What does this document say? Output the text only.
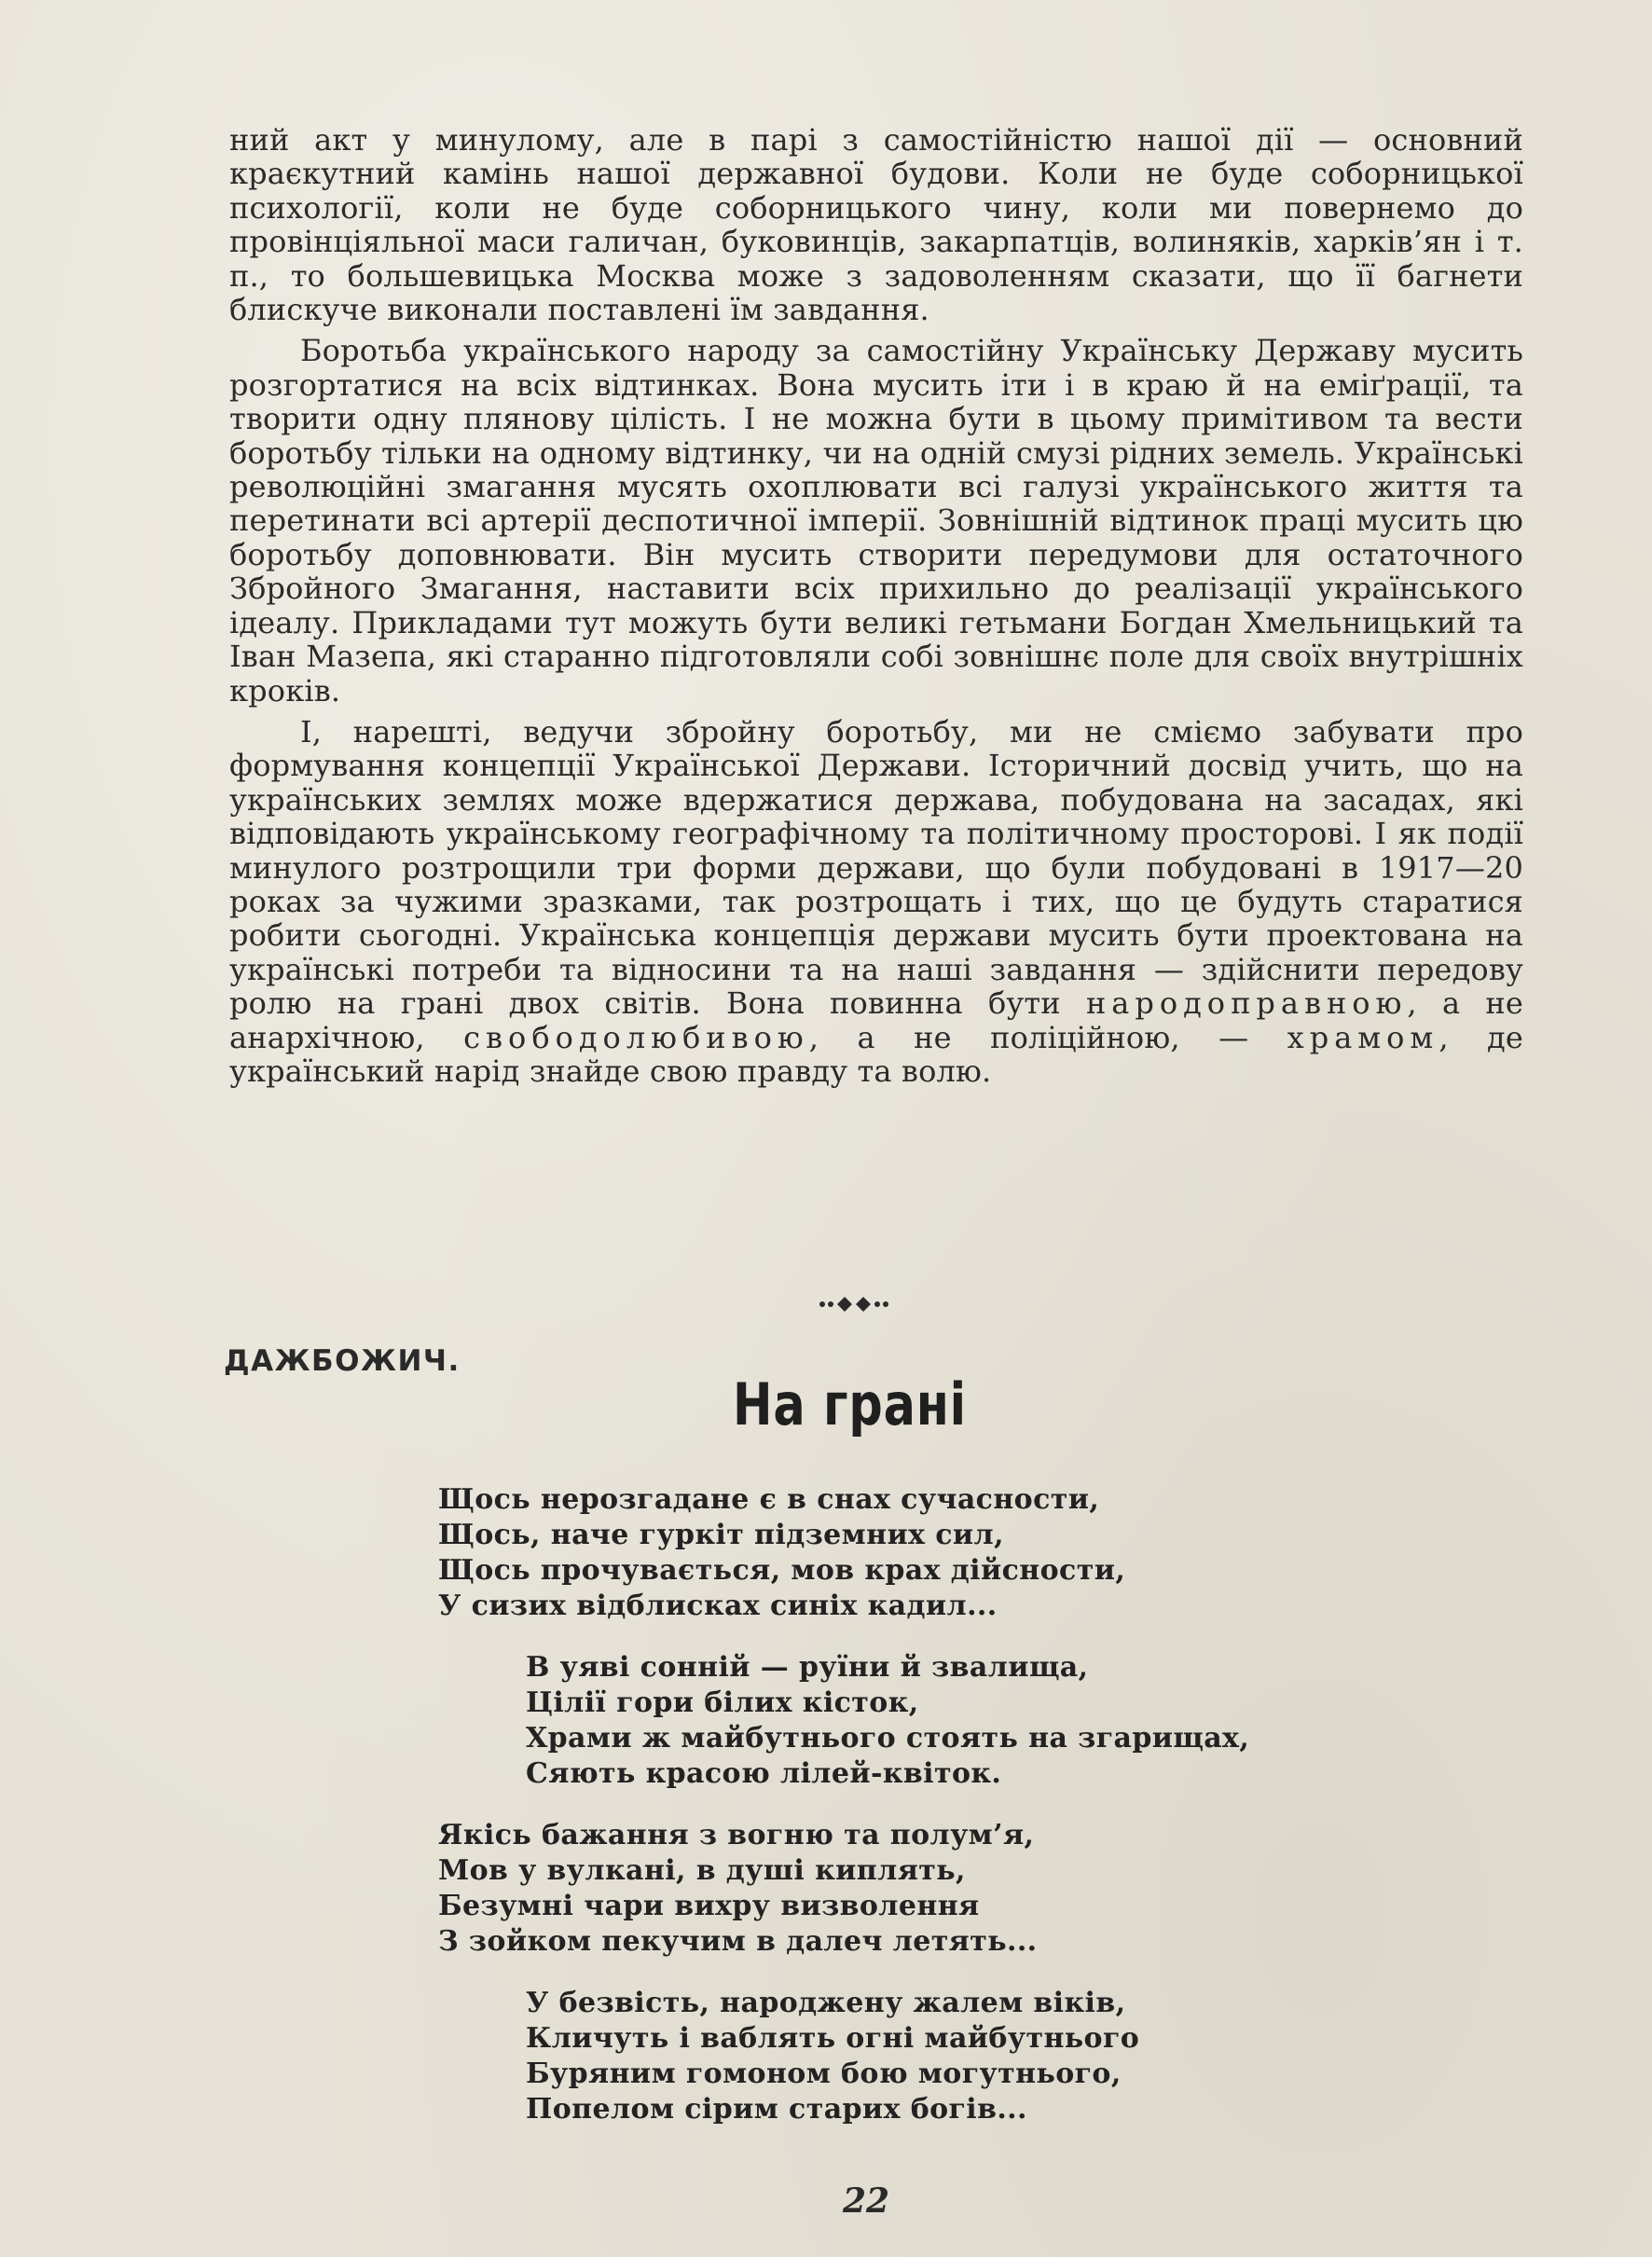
ний акт у минулому, але в парі з самостійністю нашої дії — основний краєкутний камінь нашої державної будови. Коли не буде соборницької психології, коли не буде соборницького чину, коли ми повернемо до провінціяльної маси галичан, буковинців, закарпатців, волиняків, харків’ян і т. п., то большевицька Москва може з задоволенням сказати, що її багнети блискуче виконали поставлені їм завдання.

Боротьба українського народу за самостійну Українську Державу мусить розгортатися на всіх відтинках. Вона мусить іти і в краю й на еміґрації, та творити одну плянову цілість. І не можна бути в цьому примітивом та вести боротьбу тільки на одному відтинку, чи на одній смузі рідних земель. Українські революційні змагання мусять охоплювати всі галузі українського життя та перетинати всі артерії деспотичної імперії. Зовнішній відтинок праці мусить цю боротьбу доповнювати. Він мусить створити передумови для остаточного Збройного Змагання, наставити всіх прихильно до реалізації українського ідеалу. Прикладами тут можуть бути великі гетьмани Богдан Хмельницький та Іван Мазепа, які старанно підготовляли собі зовнішнє поле для своїх внутрішніх кроків.

І, нарешті, ведучи збройну боротьбу, ми не сміємо забувати про формування концепції Української Держави. Історичний досвід учить, що на українських землях може вдержатися держава, побудована на засадах, які відповідають українському географічному та політичному просторові. І як події минулого розтрощили три форми держави, що були побудовані в 1917—20 роках за чужими зразками, так розтрощать і тих, що це будуть старатися робити сьогодні. Українська концепція держави мусить бути проектована на українські потреби та відносини та на наші завдання — здійснити передову ролю на грані двох світів. Вона повинна бути народоправною, а не анархічною, свободолюбивою, а не поліційною, — храмом, де український нарід знайде свою правду та волю.

ДАЖБОЖИЧ.
На грані
Щось нерозгадане є в снах сучасности,
Щось, наче гуркіт підземних сил,
Щось прочувається, мов крах дійсности,
У сизих відблисках синіх кадил...
В уяві сонній — руїни й звалища,
Цілії гори білих кісток,
Храми ж майбутнього стоять на згарищах,
Сяють красою лілей-квіток.
Якісь бажання з вогню та полум’я,
Мов у вулкані, в душі киплять,
Безумні чари вихру визволення
З зойком пекучим в далеч летять...
У безвість, народжену жалем віків,
Кличуть і ваблять огні майбутнього
Буряним гомоном бою могутнього,
Попелом сірим старих богів...
22
